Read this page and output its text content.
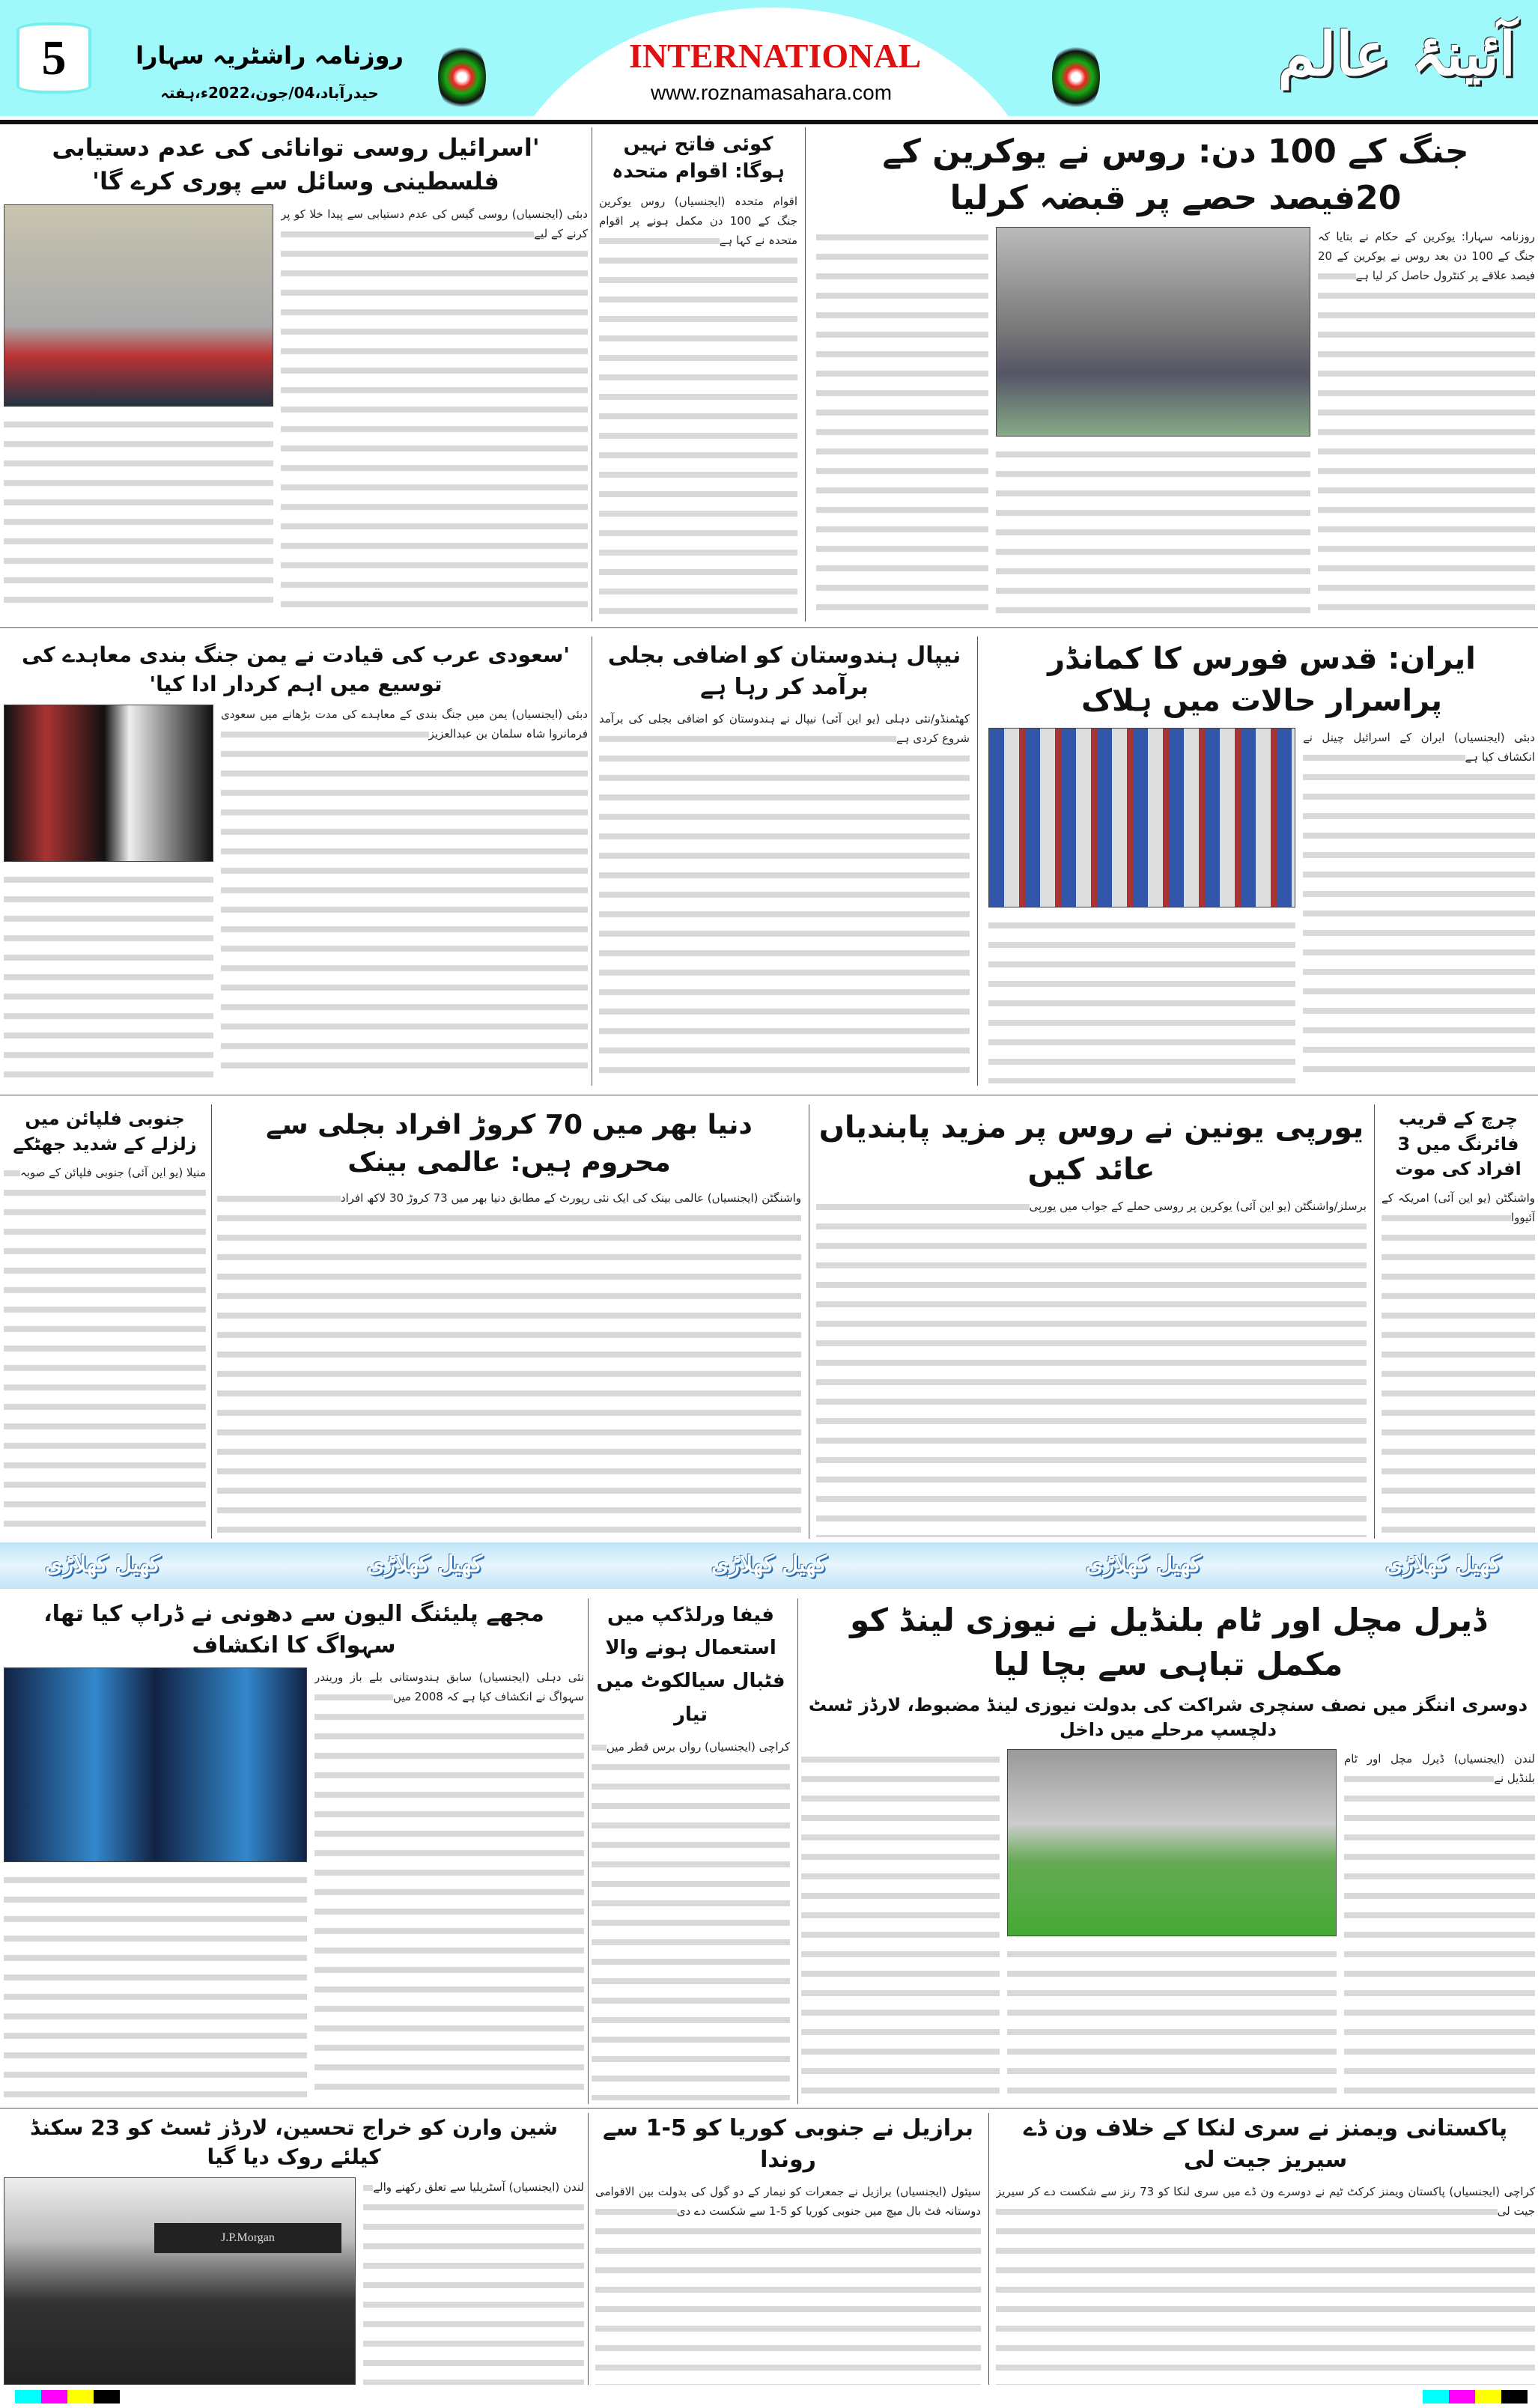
5	روزنامہ راشٹریہ سہارا
حیدرآباد،04/جون،2022ء،ہفتہ
INTERNATIONAL
www.roznamasahara.com
آئینۂ عالم
جنگ کے 100 دن: روس نے یوکرین کے 20فیصد حصے پر قبضہ کرلیا
روزنامہ سہارا: یوکرین کے حکام نے بتایا کہ جنگ کے 100 دن بعد روس نے یوکرین کے 20 فیصد علاقے پر کنٹرول حاصل کر لیا ہے
کوئی فاتح نہیں ہوگا: اقوام متحدہ
اقوام متحدہ (ایجنسیاں) روس یوکرین جنگ کے 100 دن مکمل ہونے پر اقوام متحدہ نے کہا ہے
'اسرائیل روسی توانائی کی عدم دستیابی فلسطینی وسائل سے پوری کرے گا'
دبئی (ایجنسیاں) روسی گیس کی عدم دستیابی سے پیدا خلا کو پر کرنے کے لیے
ایران: قدس فورس کا کمانڈر پراسرار حالات میں ہلاک
دبئی (ایجنسیاں) ایران کے اسرائیل چینل نے انکشاف کیا ہے
نیپال ہندوستان کو اضافی بجلی برآمد کر رہا ہے
کھٹمنڈو/نئی دہلی (یو این آئی) نیپال نے ہندوستان کو اضافی بجلی کی برآمد شروع کردی ہے
'سعودی عرب کی قیادت نے یمن جنگ بندی معاہدے کی توسیع میں اہم کردار ادا کیا'
دبئی (ایجنسیاں) یمن میں جنگ بندی کے معاہدے کی مدت بڑھانے میں سعودی فرمانروا شاہ سلمان بن عبدالعزیز
چرچ کے قریب فائرنگ میں 3 افراد کی موت
واشنگٹن (یو این آئی) امریکہ کے آئیووا
یورپی یونین نے روس پر مزید پابندیاں عائد کیں
برسلز/واشنگٹن (یو این آئی) یوکرین پر روسی حملے کے جواب میں یورپی
دنیا بھر میں 70 کروڑ افراد بجلی سے محروم ہیں: عالمی بینک
واشنگٹن (ایجنسیاں) عالمی بینک کی ایک نئی رپورٹ کے مطابق دنیا بھر میں 73 کروڑ 30 لاکھ افراد
جنوبی فلپائن میں زلزلے کے شدید جھٹکے
منیلا (یو این آئی) جنوبی فلپائن کے صوبہ
کھیل کھلاڑی	کھیل کھلاڑی	کھیل کھلاڑی	کھیل کھلاڑی	کھیل کھلاڑی
ڈیرل مچل اور ٹام بلنڈیل نے نیوزی لینڈ کو مکمل تباہی سے بچا لیا
دوسری اننگز میں نصف سنچری شراکت کی بدولت نیوزی لینڈ مضبوط، لارڈز ٹسٹ دلچسپ مرحلے میں داخل
لندن (ایجنسیاں) ڈیرل مچل اور ٹام بلنڈیل نے
فیفا ورلڈکپ میں استعمال ہونے والا فٹبال سیالکوٹ میں تیار
کراچی (ایجنسیاں) رواں برس قطر میں
مجھے پلیئنگ الیون سے دھونی نے ڈراپ کیا تھا، سہواگ کا انکشاف
نئی دہلی (ایجنسیاں) سابق ہندوستانی بلے باز وریندر سہواگ نے انکشاف کیا ہے کہ 2008 میں
پاکستانی ویمنز نے سری لنکا کے خلاف ون ڈے سیریز جیت لی
کراچی (ایجنسیاں) پاکستان ویمنز کرکٹ ٹیم نے دوسرے ون ڈے میں سری لنکا کو 73 رنز سے شکست دے کر سیریز جیت لی
برازیل نے جنوبی کوریا کو 5-1 سے روندا
سیئول (ایجنسیاں) برازیل نے جمعرات کو نیمار کے دو گول کی بدولت بین الاقوامی دوستانہ فٹ بال میچ میں جنوبی کوریا کو 5-1 سے شکست دے دی
شین وارن کو خراج تحسین، لارڈز ٹسٹ کو 23 سکنڈ کیلئے روک دیا گیا
J.P.Morgan
لندن (ایجنسیاں) آسٹریلیا سے تعلق رکھنے والے
